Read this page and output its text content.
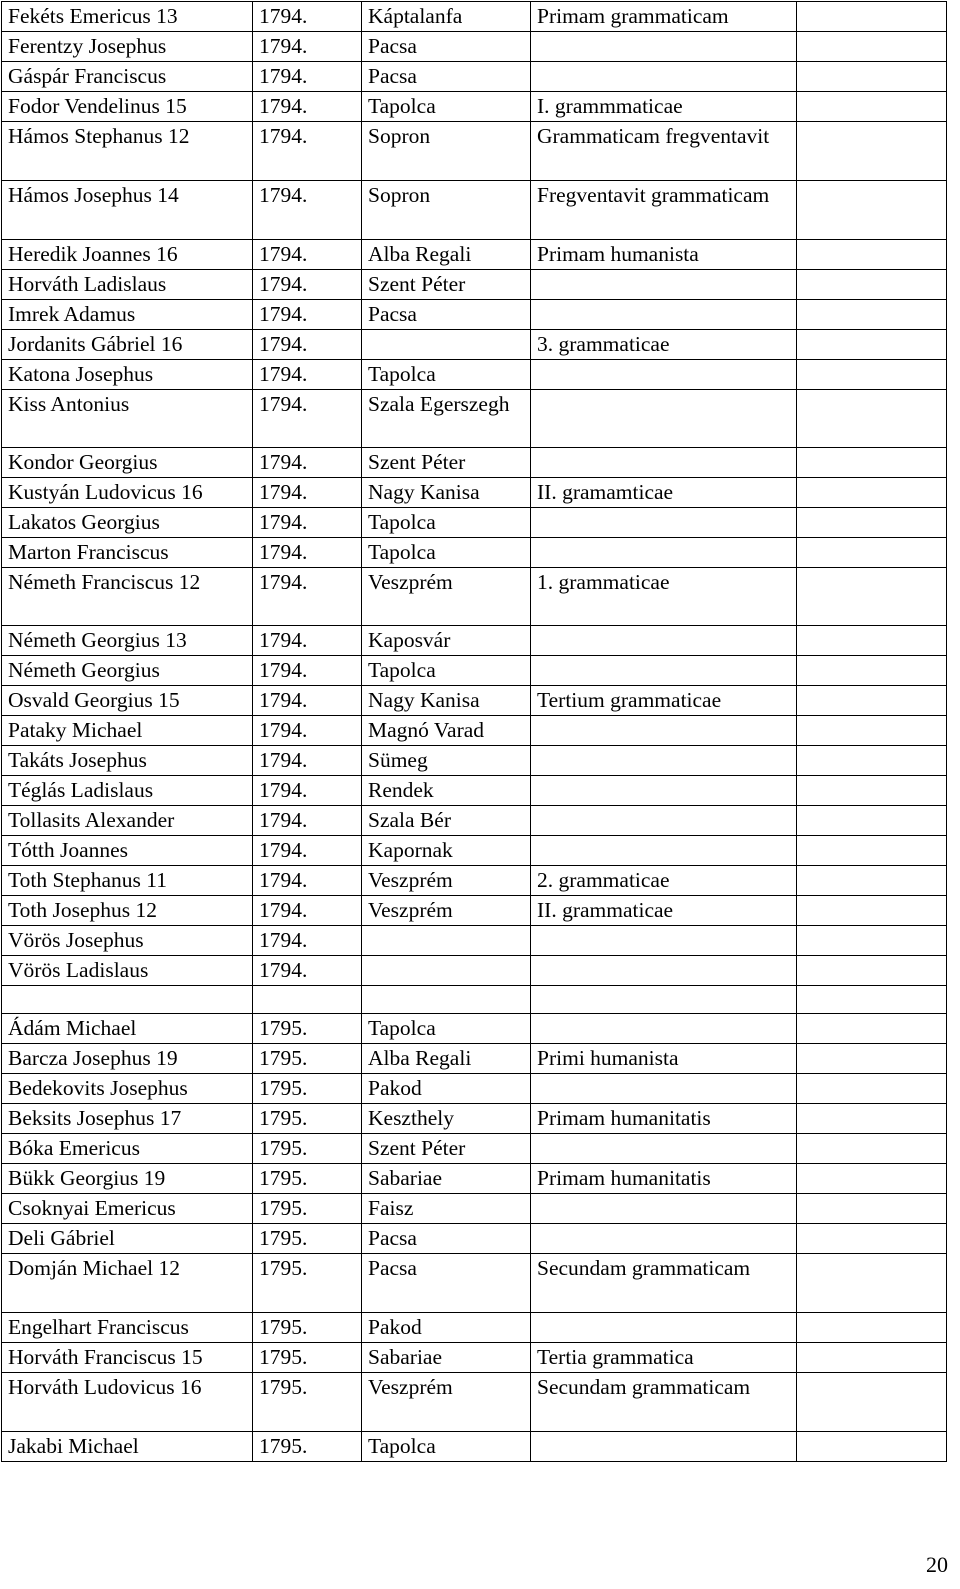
Fekéts Emericus 13	1794.	Káptalanfa	Primam grammaticam	
Ferentzy Josephus	1794.	Pacsa		
Gáspár Franciscus	1794.	Pacsa		
Fodor Vendelinus 15	1794.	Tapolca	I. grammmaticae	
Hámos Stephanus 12	1794.	Sopron	Grammaticam fregventavit	
Hámos Josephus 14	1794.	Sopron	Fregventavit grammaticam	
Heredik Joannes 16	1794.	Alba Regali	Primam humanista	
Horváth Ladislaus	1794.	Szent Péter		
Imrek Adamus	1794.	Pacsa		
Jordanits Gábriel 16	1794.		3. grammaticae	
Katona Josephus	1794.	Tapolca		
Kiss Antonius	1794.	Szala Egerszegh		
Kondor Georgius	1794.	Szent Péter		
Kustyán Ludovicus 16	1794.	Nagy Kanisa	II. gramamticae	
Lakatos Georgius	1794.	Tapolca		
Marton Franciscus	1794.	Tapolca		
Németh Franciscus 12	1794.	Veszprém	1. grammaticae	
Németh Georgius 13	1794.	Kaposvár		
Németh Georgius	1794.	Tapolca		
Osvald Georgius 15	1794.	Nagy Kanisa	Tertium grammaticae	
Pataky Michael	1794.	Magnó Varad		
Takáts Josephus	1794.	Sümeg		
Téglás Ladislaus	1794.	Rendek		
Tollasits Alexander	1794.	Szala Bér		
Tótth Joannes	1794.	Kapornak		
Toth Stephanus 11	1794.	Veszprém	2. grammaticae	
Toth Josephus 12	1794.	Veszprém	II. grammaticae	
Vörös Josephus	1794.			
Vörös Ladislaus	1794.			

Ádám Michael	1795.	Tapolca		
Barcza Josephus 19	1795.	Alba Regali	Primi humanista	
Bedekovits Josephus	1795.	Pakod		
Beksits Josephus 17	1795.	Keszthely	Primam humanitatis	
Bóka Emericus	1795.	Szent Péter		
Bükk Georgius 19	1795.	Sabariae	Primam humanitatis	
Csoknyai Emericus	1795.	Faisz		
Deli Gábriel	1795.	Pacsa		
Domján Michael 12	1795.	Pacsa	Secundam grammaticam	
Engelhart Franciscus	1795.	Pakod		
Horváth Franciscus 15	1795.	Sabariae	Tertia grammatica	
Horváth Ludovicus 16	1795.	Veszprém	Secundam grammaticam	
Jakabi Michael	1795.	Tapolca		
20
